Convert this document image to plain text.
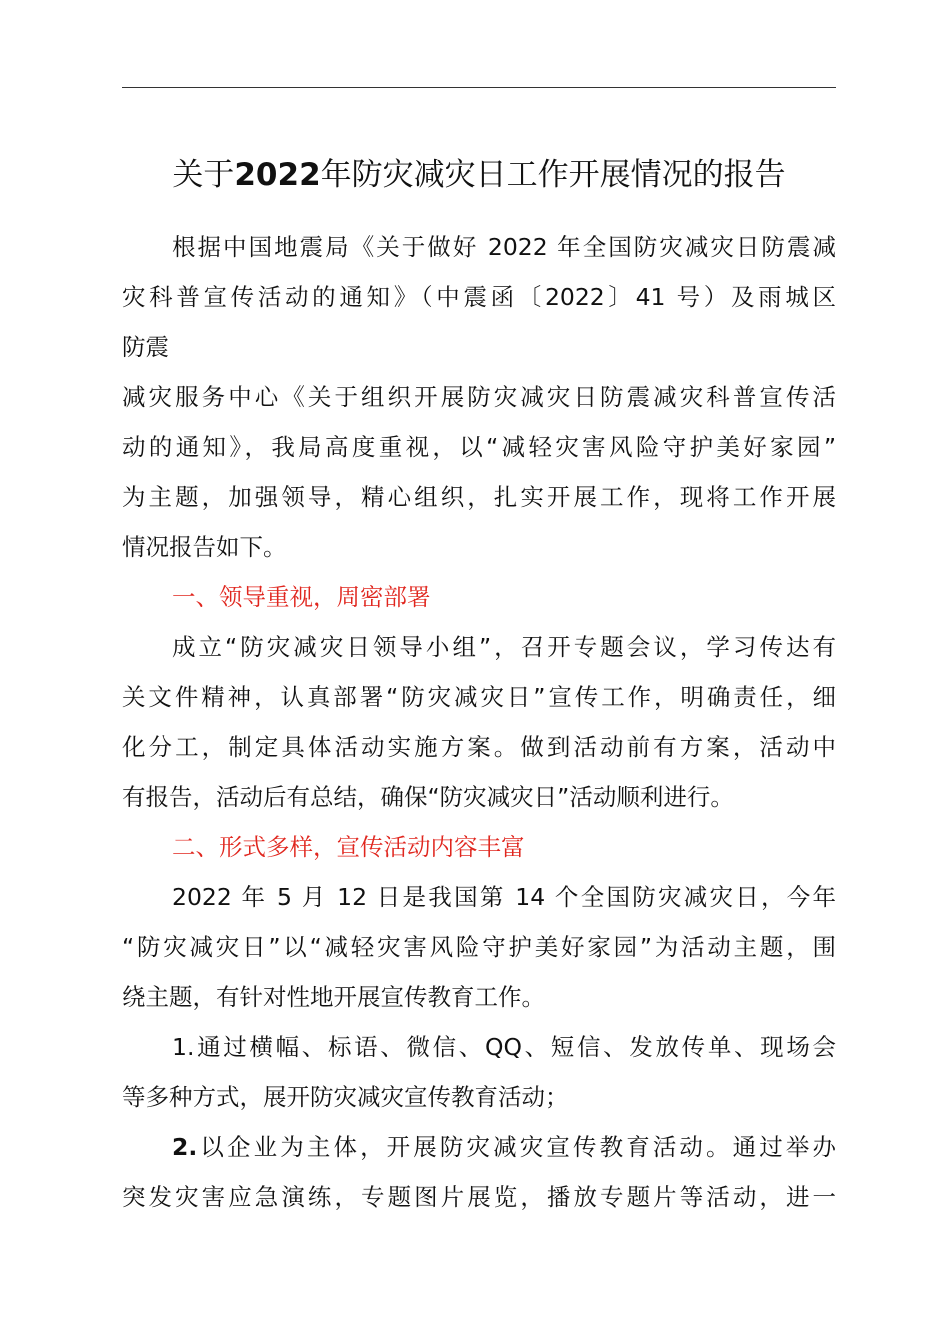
关于2022年防灾减灾日工作开展情况的报告
根据中国地震局《关于做好 2022 年全国防灾减灾日防震减
灾科普宣传活动的通知》（中震函〔2022〕41 号）及雨城区
防震
减灾服务中心《关于组织开展防灾减灾日防震减灾科普宣传活
动的通知》，我局高度重视，以“减轻灾害风险守护美好家园”
为主题，加强领导，精心组织，扎实开展工作，现将工作开展
情况报告如下。
一、领导重视，周密部署
成立“防灾减灾日领导小组”，召开专题会议，学习传达有
关文件精神，认真部署“防灾减灾日”宣传工作，明确责任，细
化分工，制定具体活动实施方案。做到活动前有方案，活动中
有报告，活动后有总结，确保“防灾减灾日”活动顺利进行。
二、形式多样，宣传活动内容丰富
2022 年 5 月 12 日是我国第 14 个全国防灾减灾日，今年
“防灾减灾日”以“减轻灾害风险守护美好家园”为活动主题，围
绕主题，有针对性地开展宣传教育工作。
1.通过横幅、标语、微信、QQ、短信、发放传单、现场会
等多种方式，展开防灾减灾宣传教育活动；
2.以企业为主体，开展防灾减灾宣传教育活动。通过举办
突发灾害应急演练，专题图片展览，播放专题片等活动，进一
